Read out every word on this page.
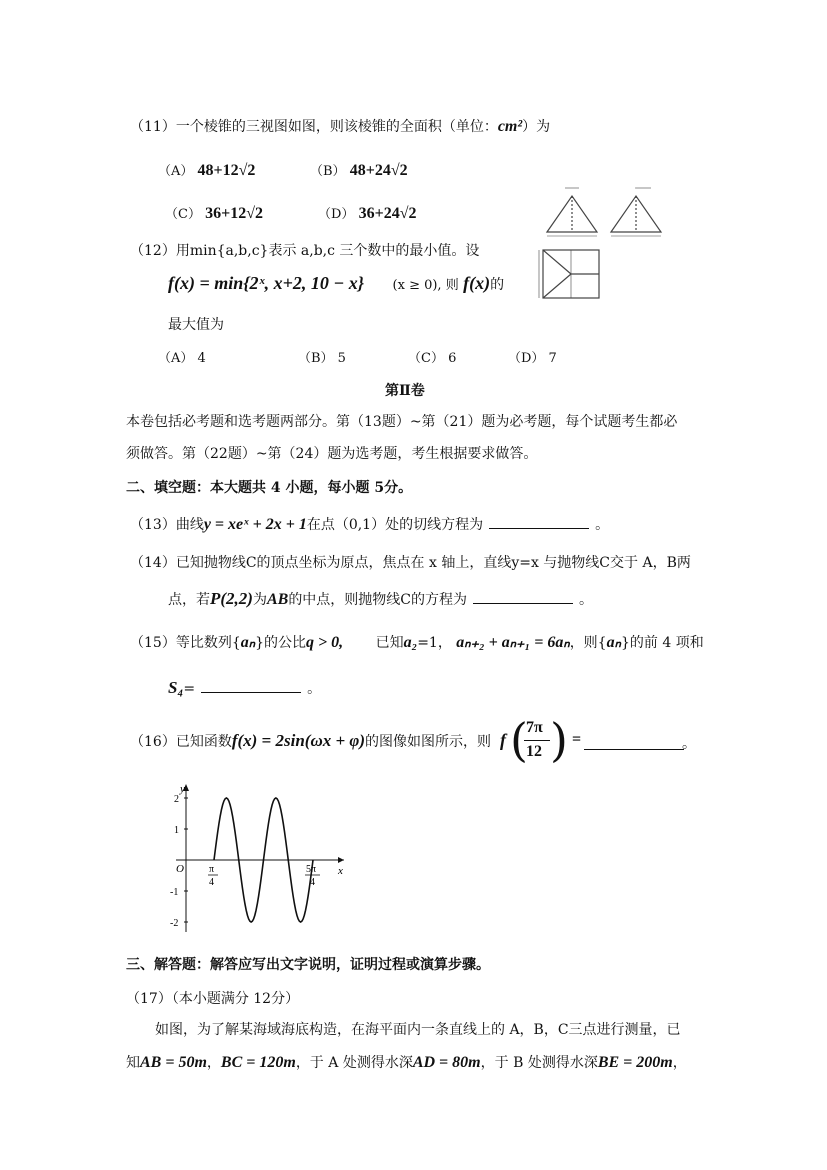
（11）一个棱锥的三视图如图，则该棱锥的全面积（单位：cm²）为
（A） 48+12√2	（B） 48+24√2
（C） 36+12√2	（D） 36+24√2
（12）用min{a,b,c}表示 a,b,c 三个数中的最小值。设
f(x) = min{2ˣ, x+2, 10 − x} (x ≥ 0), 则 f(x)的
最大值为
（A） 4	（B） 5	（C） 6	（D） 7
第Ⅱ卷
本卷包括必考题和选考题两部分。第（13题）~第（21）题为必考题，每个试题考生都必
须做答。第（22题）~第（24）题为选考题，考生根据要求做答。
二、填空题：本大题共 4 小题，每小题 5分。
（13）曲线y = xeˣ + 2x + 1在点（0,1）处的切线方程为	。
（14）已知抛物线C的顶点坐标为原点，焦点在 x 轴上，直线y=x 与抛物线C交于 A，B两
点，若P(2,2)为AB的中点，则抛物线C的方程为	。
（15）等比数列{aₙ}的公比q > 0, 已知a₂=1， aₙ₊₂ + aₙ₊₁ = 6aₙ，则{aₙ}的前 4 项和
S₄=	。
（16）已知函数f(x) = 2sin(ωx + φ)的图像如图所示，则 f (
7π
12 ) =	。
y
x
O
2
1
-1
-2
π
4
5π
4
三、解答题：解答应写出文字说明，证明过程或演算步骤。
（17）（本小题满分 12分）
如图，为了解某海域海底构造，在海平面内一条直线上的 A，B，C三点进行测量，已
知AB = 50m，BC = 120m，于 A 处测得水深AD = 80m，于 B 处测得水深BE = 200m，
